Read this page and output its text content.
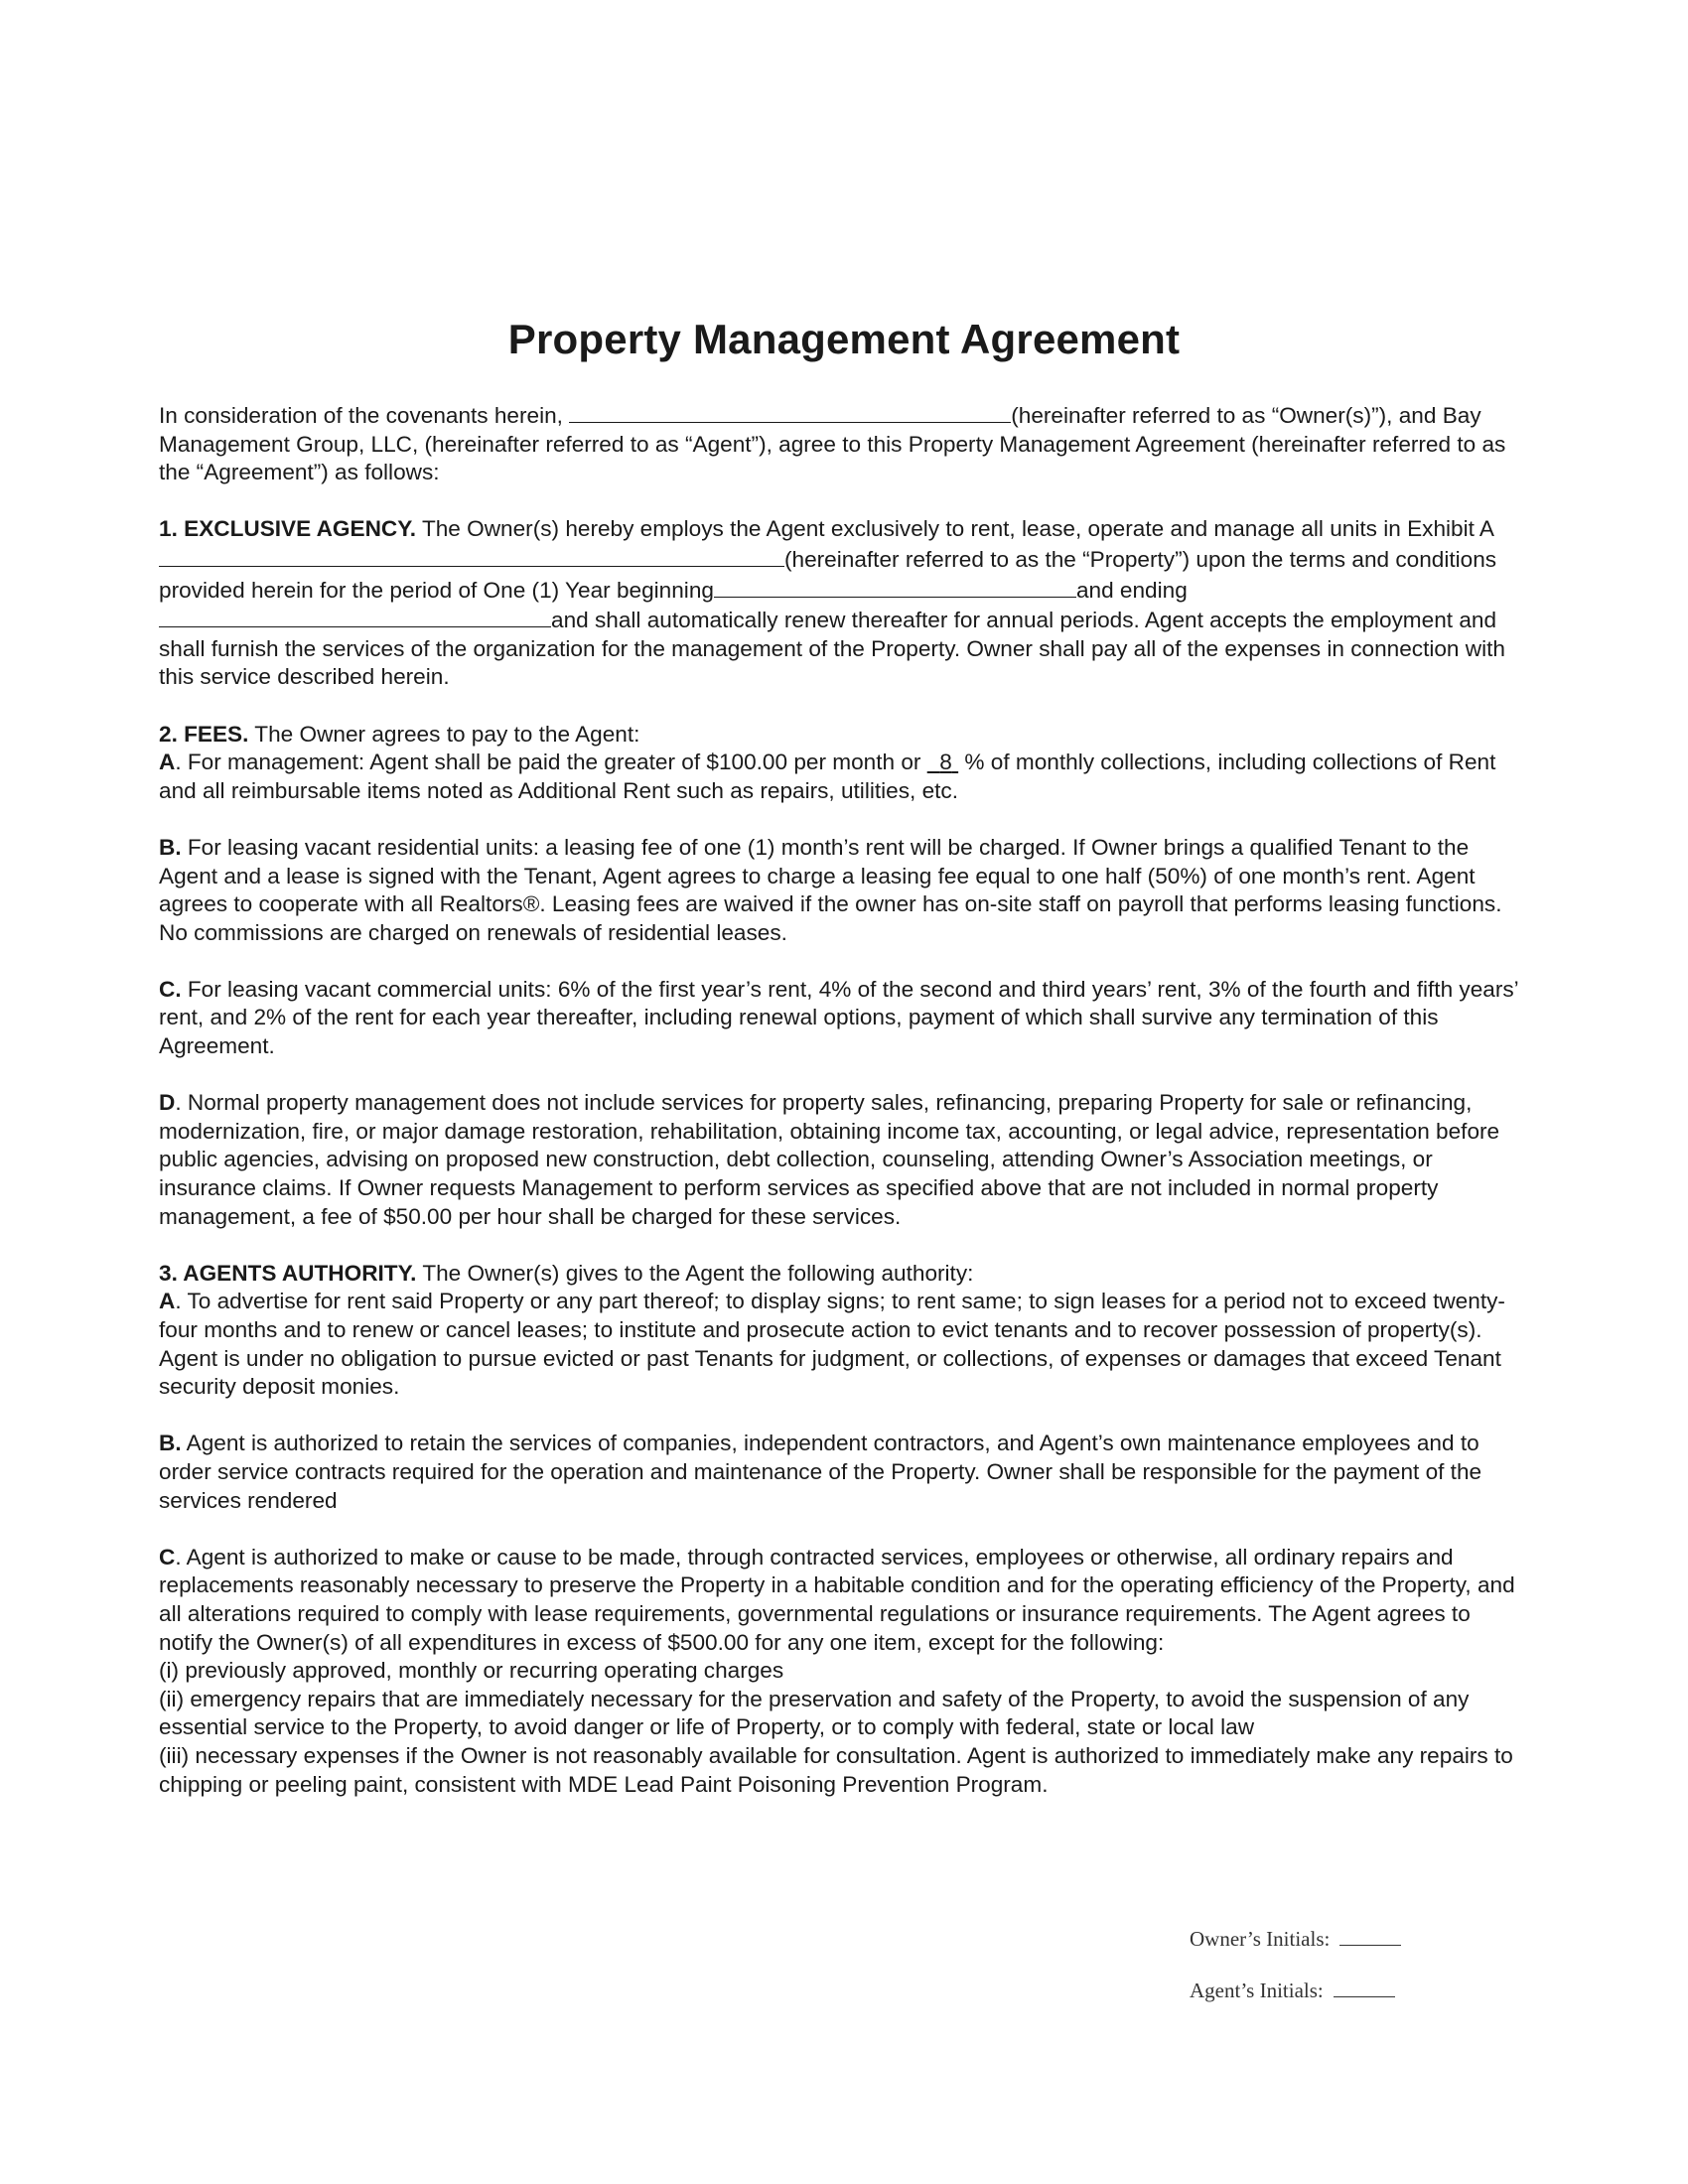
Property Management Agreement

In consideration of the covenants herein,	(hereinafter referred to as “Owner(s)”), and Bay Management Group, LLC, (hereinafter referred to as “Agent”), agree to this Property Management Agreement (hereinafter referred to as the “Agreement”) as follows:

1. EXCLUSIVE AGENCY. The Owner(s) hereby employs the Agent exclusively to rent, lease, operate and manage all units in Exhibit A(hereinafter referred to as the “Property”) upon the terms and conditions provided herein for the period of One (1) Year beginning	and ending and shall automatically renew thereafter for annual periods. Agent accepts the employment and shall furnish the services of the organization for the management of the Property. Owner shall pay all of the expenses in connection with this service described herein.

2. FEES. The Owner agrees to pay to the Agent:

A. For management: Agent shall be paid the greater of $100.00 per month or 8 % of monthly collections, including collections of Rent and all reimbursable items noted as Additional Rent such as repairs, utilities, etc.

B. For leasing vacant residential units: a leasing fee of one (1) month’s rent will be charged. If Owner brings a qualified Tenant to the Agent and a lease is signed with the Tenant, Agent agrees to charge a leasing fee equal to one half (50%) of one month’s rent. Agent agrees to cooperate with all Realtors®. Leasing fees are waived if the owner has on-site staff on payroll that performs leasing functions. No commissions are charged on renewals of residential leases.

C. For leasing vacant commercial units: 6% of the first year’s rent, 4% of the second and third years’ rent, 3% of the fourth and fifth years’ rent, and 2% of the rent for each year thereafter, including renewal options, payment of which shall survive any termination of this Agreement.

D. Normal property management does not include services for property sales, refinancing, preparing Property for sale or refinancing, modernization, fire, or major damage restoration, rehabilitation, obtaining income tax, accounting, or legal advice, representation before public agencies, advising on proposed new construction, debt collection, counseling, attending Owner’s Association meetings, or insurance claims. If Owner requests Management to perform services as specified above that are not included in normal property management, a fee of $50.00 per hour shall be charged for these services.

3. AGENTS AUTHORITY. The Owner(s) gives to the Agent the following authority:

A. To advertise for rent said Property or any part thereof; to display signs; to rent same; to sign leases for a period not to exceed twenty-four months and to renew or cancel leases; to institute and prosecute action to evict tenants and to recover possession of property(s). Agent is under no obligation to pursue evicted or past Tenants for judgment, or collections, of expenses or damages that exceed Tenant security deposit monies.

B. Agent is authorized to retain the services of companies, independent contractors, and Agent’s own maintenance employees and to order service contracts required for the operation and maintenance of the Property. Owner shall be responsible for the payment of the services rendered

C. Agent is authorized to make or cause to be made, through contracted services, employees or otherwise, all ordinary repairs and replacements reasonably necessary to preserve the Property in a habitable condition and for the operating efficiency of the Property, and all alterations required to comply with lease requirements, governmental regulations or insurance requirements. The Agent agrees to notify the Owner(s) of all expenditures in excess of $500.00 for any one item, except for the following:

(i) previously approved, monthly or recurring operating charges

(ii) emergency repairs that are immediately necessary for the preservation and safety of the Property, to avoid the suspension of any essential service to the Property, to avoid danger or life of Property, or to comply with federal, state or local law

(iii) necessary expenses if the Owner is not reasonably available for consultation. Agent is authorized to immediately make any repairs to chipping or peeling paint, consistent with MDE Lead Paint Poisoning Prevention Program.

Owner’s Initials:
Agent’s Initials:
